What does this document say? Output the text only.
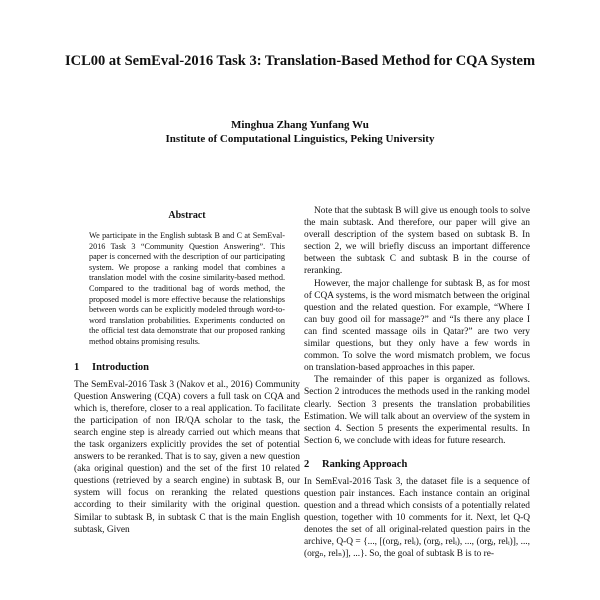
ICL00 at SemEval-2016 Task 3: Translation-Based Method for CQA System
Minghua Zhang Yunfang Wu
Institute of Computational Linguistics, Peking University
Abstract

We participate in the English subtask B and C at SemEval-2016 Task 3 “Community Question Answering”. This paper is concerned with the description of our participating system. We propose a ranking model that combines a translation model with the cosine similarity-based method. Compared to the traditional bag of words method, the proposed model is more effective because the relationships between words can be explicitly modeled through word-to-word translation probabilities. Experiments conducted on the official test data demonstrate that our proposed ranking method obtains promising results.

1	Introduction

The SemEval-2016 Task 3 (Nakov et al., 2016) Community Question Answering (CQA) covers a full task on CQA and which is, therefore, closer to a real application. To facilitate the participation of non IR/QA scholar to the task, the search engine step is already carried out which means that the task organizers explicitly provides the set of potential answers to be reranked. That is to say, given a new question (aka original question) and the set of the first 10 related questions (retrieved by a search engine) in subtask B, our system will focus on reranking the related questions according to their similarity with the original question. Similar to subtask B, in subtask C that is the main English subtask, Given

Note that the subtask B will give us enough tools to solve the main subtask. And therefore, our paper will give an overall description of the system based on subtask B. In section 2, we will briefly discuss an important difference between the subtask C and subtask B in the course of reranking.

However, the major challenge for subtask B, as for most of CQA systems, is the word mismatch between the original question and the related question. For example, “Where I can buy good oil for massage?” and “Is there any place I can find scented massage oils in Qatar?” are two very similar questions, but they only have a few words in common. To solve the word mismatch problem, we focus on translation-based approaches in this paper.

The remainder of this paper is organized as follows. Section 2 introduces the methods used in the ranking model clearly. Section 3 presents the translation probabilities Estimation. We will talk about an overview of the system in section 4. Section 5 presents the experimental results. In Section 6, we conclude with ideas for future research.

2	Ranking Approach

In SemEval-2016 Task 3, the dataset file is a sequence of question pair instances. Each instance contain an original question and a thread which consists of a potentially related question, together with 10 comments for it. Next, let Q-Q denotes the set of all original-related question pairs in the archive, Q-Q = {..., [(orgᵢ, relᵢ), (orgᵢ, relᵢ), ..., (orgᵢ, relᵢ)], ..., (orgₙ, relₙ)], ...}. So, the goal of subtask B is to re-
